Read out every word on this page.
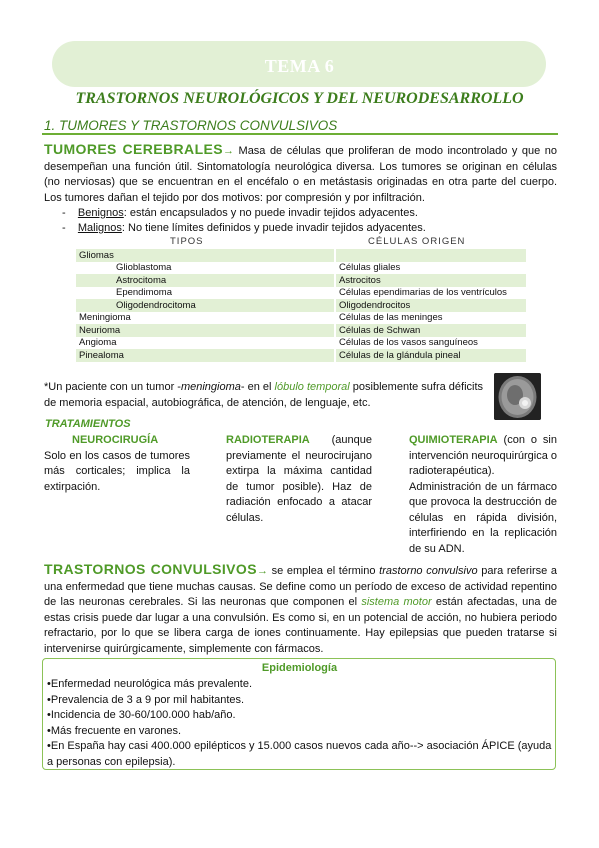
TEMA 6
TRASTORNOS NEUROLÓGICOS Y DEL NEURODESARROLLO
1. TUMORES Y TRASTORNOS CONVULSIVOS
TUMORES CEREBRALES→ Masa de células que proliferan de modo incontrolado y que no desempeñan una función útil. Sintomatología neurológica diversa. Los tumores se originan en células (no nerviosas) que se encuentran en el encéfalo o en metástasis originadas en otra parte del cuerpo. Los tumores dañan el tejido por dos motivos: por compresión y por infiltración.
-    Benignos: están encapsulados y no puede invadir tejidos adyacentes.
-    Malignos: No tiene límites definidos y puede invadir tejidos adyacentes.
TIPOS	CÉLULAS ORIGEN
Gliomas	
Glioblastoma	Células gliales
Astrocitoma	Astrocitos
Ependimoma	Células ependimarias de los ventrículos
Oligodendrocitoma	Oligodendrocitos
Meningioma	Células de las meninges
Neurioma	Células de Schwan
Angioma	Células de los vasos sanguíneos
Pinealoma	Células de la glándula pineal
*Un paciente con un tumor -meningioma- en el lóbulo temporal posiblemente sufra déficits de memoria espacial, autobiográfica, de atención, de lenguaje, etc.
TRATAMIENTOS
NEUROCIRUGÍA
Solo en los casos de tumores más corticales; implica la extirpación.
RADIOTERAPIA (aunque previamente el neurocirujano extirpa la máxima cantidad de tumor posible). Haz de radiación enfocado a atacar células.
QUIMIOTERAPIA (con o sin intervención neuroquirúrgica o radioterapéutica).
Administración de un fármaco que provoca la destrucción de células en rápida división, interfiriendo en la replicación de su ADN.
TRASTORNOS CONVULSIVOS→ se emplea el término trastorno convulsivo para referirse a una enfermedad que tiene muchas causas. Se define como un período de exceso de actividad repentino de las neuronas cerebrales. Si las neuronas que componen el sistema motor están afectadas, una de estas crisis puede dar lugar a una convulsión. Es como si, en un potencial de acción, no hubiera periodo refractario, por lo que se libera carga de iones continuamente. Hay epilepsias que pueden tratarse si intervenirse quirúrgicamente, simplemente con fármacos.
Epidemiología
•Enfermedad neurológica más prevalente.
•Prevalencia de 3 a 9 por mil habitantes.
•Incidencia de 30-60/100.000 hab/año.
•Más frecuente en varones.
•En España hay casi 400.000 epilépticos y 15.000 casos nuevos cada año--> asociación ÁPICE (ayuda a personas con epilepsia).
